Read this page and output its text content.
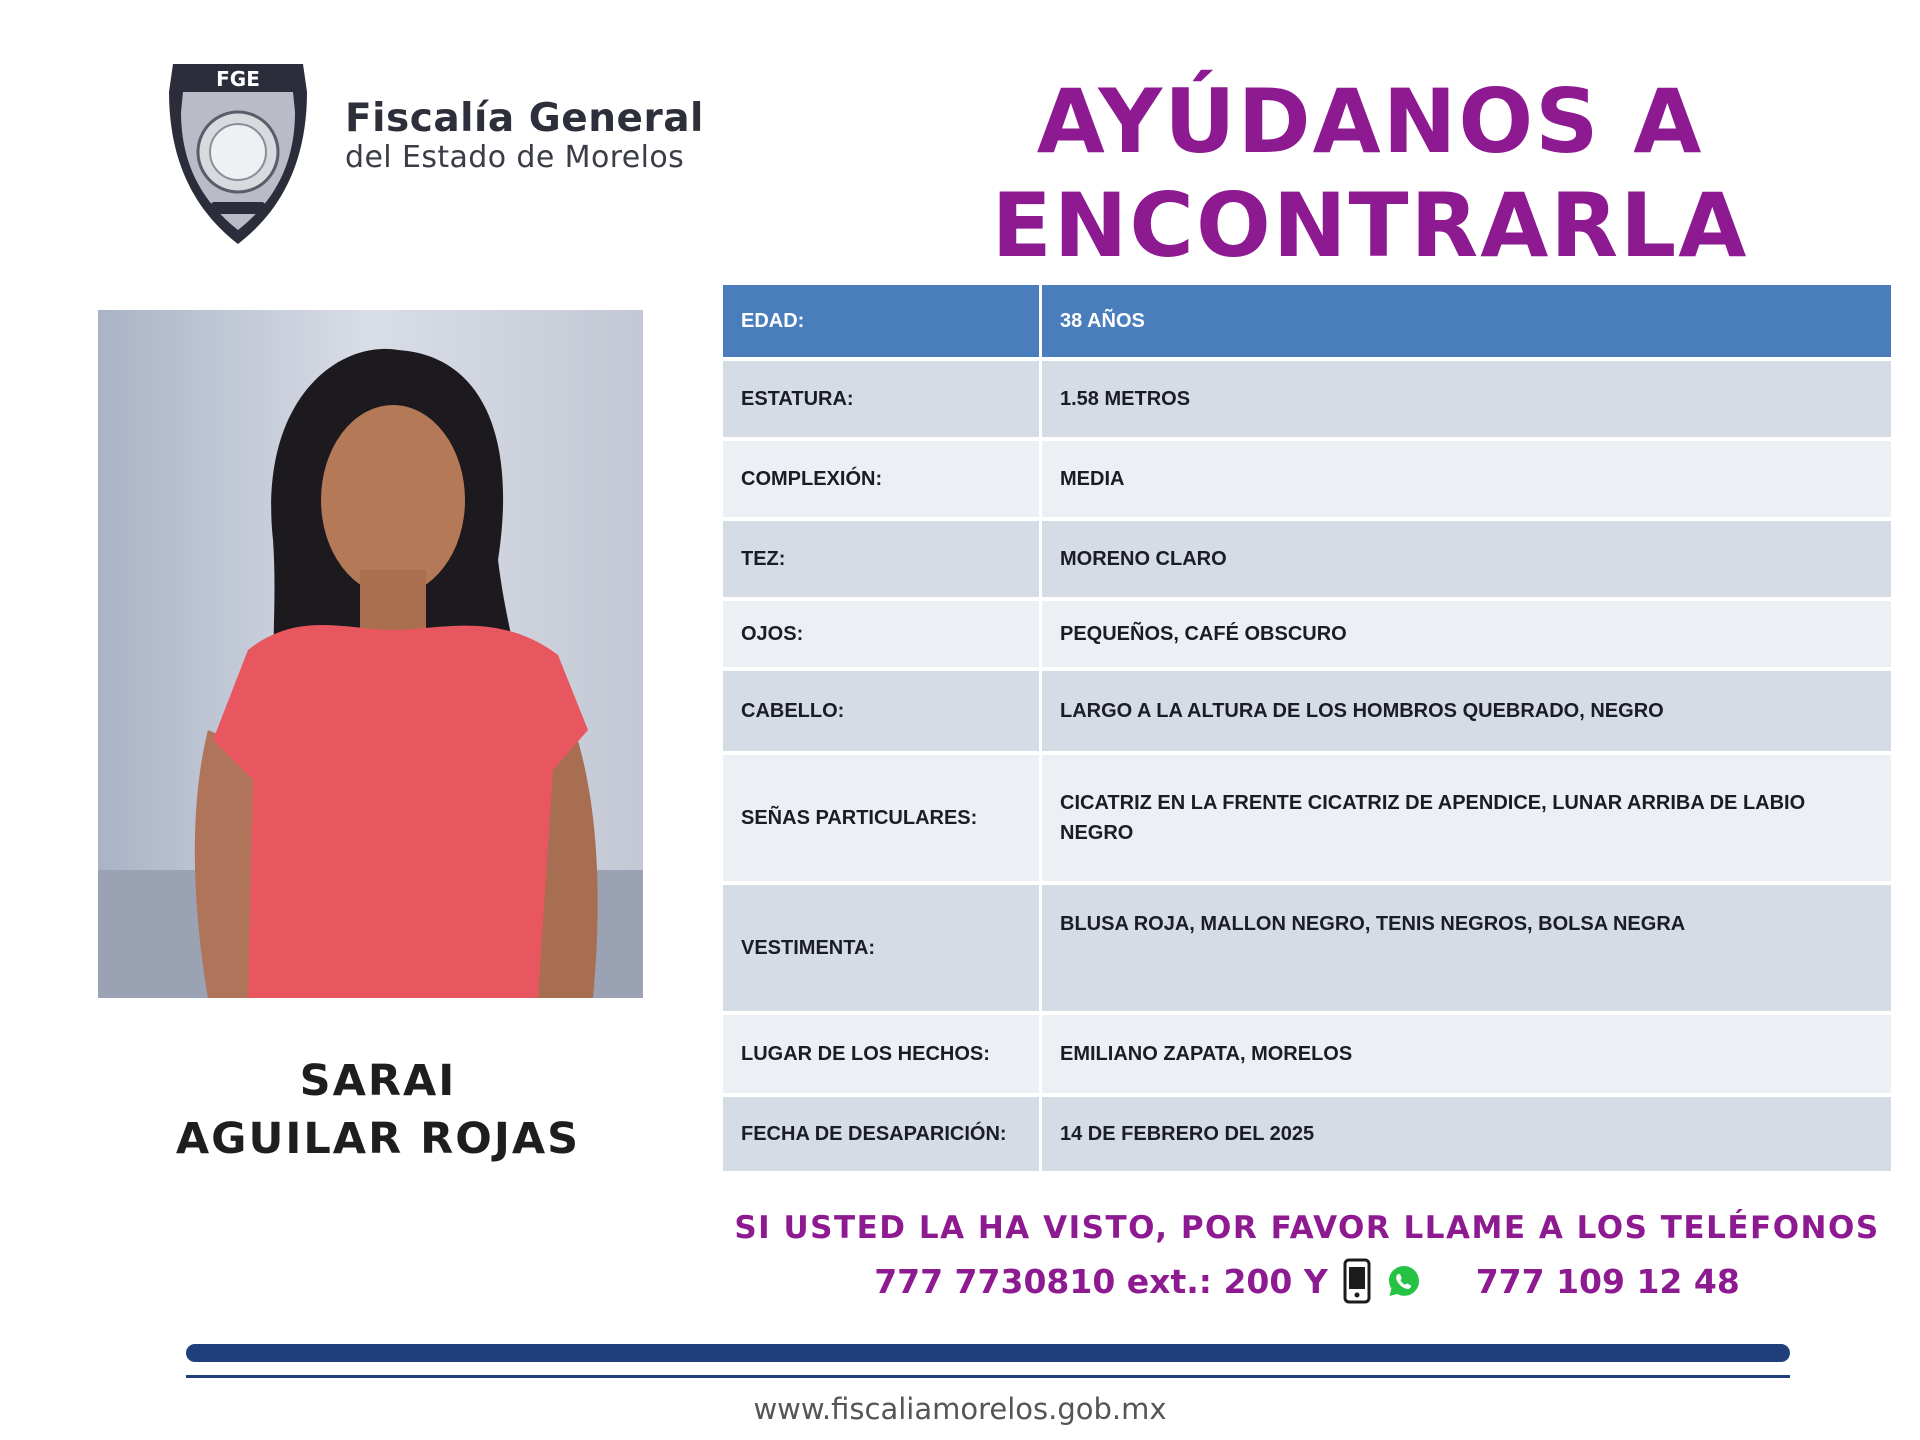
FGE
Fiscalía General
del Estado de Morelos	AYÚDANOS A
ENCONTRARLA
SARAI
AGUILAR ROJAS
EDAD:	38 AÑOS
ESTATURA:	1.58 METROS
COMPLEXIÓN:	MEDIA
TEZ:	MORENO CLARO
OJOS:	PEQUEÑOS, CAFÉ OBSCURO
CABELLO:	LARGO A LA ALTURA DE LOS HOMBROS QUEBRADO, NEGRO
SEÑAS PARTICULARES:	CICATRIZ EN LA FRENTE CICATRIZ DE APENDICE, LUNAR ARRIBA DE LABIO NEGRO
VESTIMENTA:	BLUSA ROJA, MALLON NEGRO, TENIS NEGROS, BOLSA NEGRA
LUGAR DE LOS HECHOS:	EMILIANO ZAPATA, MORELOS
FECHA DE DESAPARICIÓN:	14 DE FEBRERO DEL 2025
SI USTED LA HA VISTO, POR FAVOR LLAME A LOS TELÉFONOS
777 7730810 ext.: 200 Y	777 109 12 48
www.fiscaliamorelos.gob.mx
